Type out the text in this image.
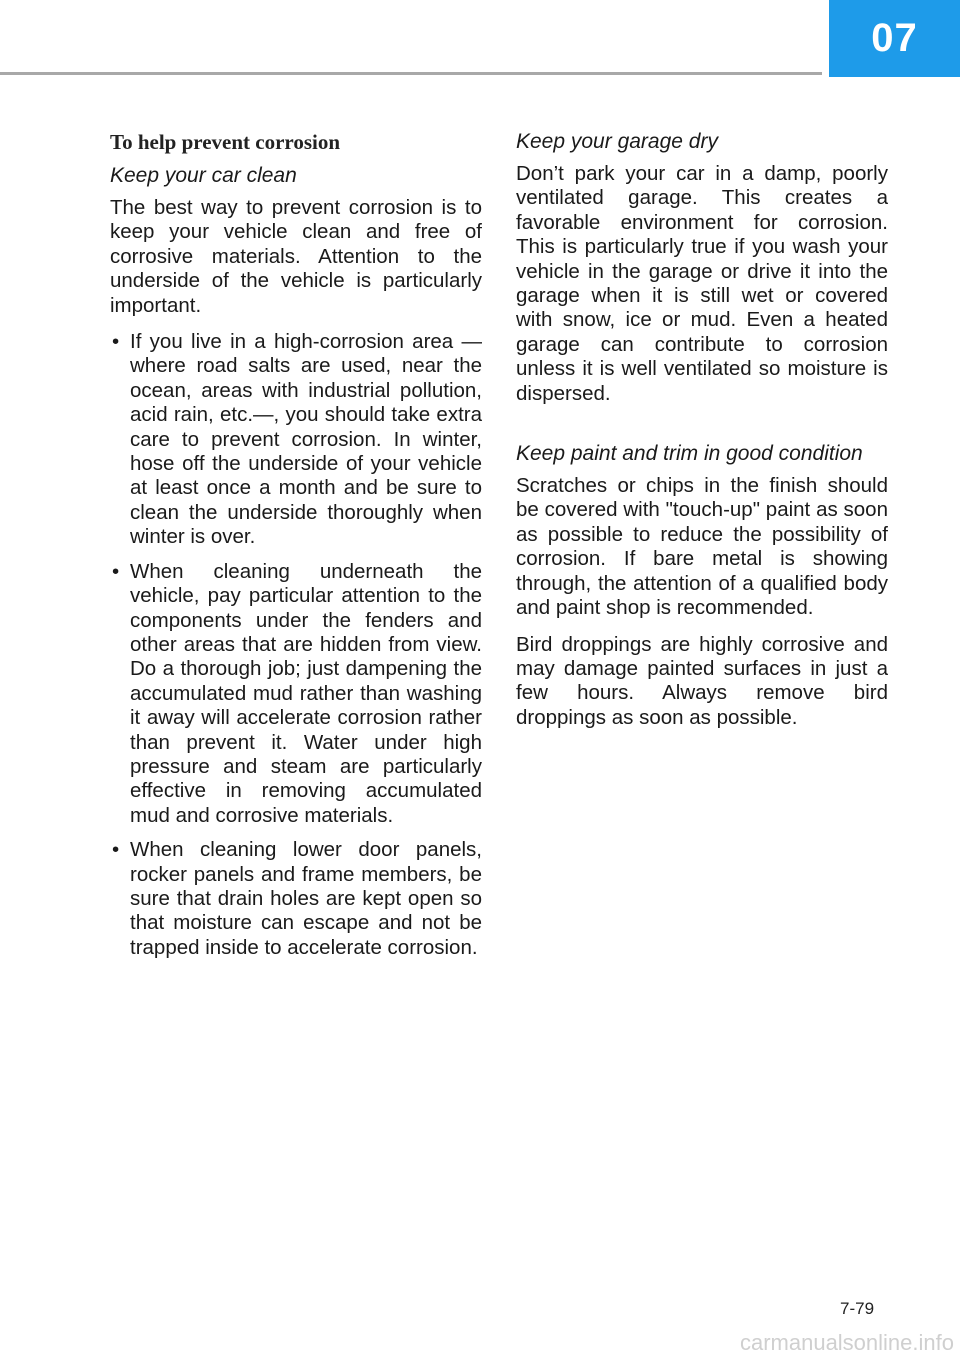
07
To help prevent corrosion
Keep your car clean

The best way to prevent corrosion is to keep your vehicle clean and free of corrosive materials. Attention to the underside of the vehicle is particularly important.

• If you live in a high-corrosion area — where road salts are used, near the ocean, areas with industrial pollution, acid rain, etc.—, you should take extra care to prevent corrosion. In winter, hose off the underside of your vehicle at least once a month and be sure to clean the underside thoroughly when winter is over.
• When cleaning underneath the vehicle, pay particular attention to the components under the fenders and other areas that are hidden from view. Do a thorough job; just dampening the accumulated mud rather than washing it away will accelerate corrosion rather than prevent it. Water under high pressure and steam are particularly effective in removing accumulated mud and corrosive materials.
• When cleaning lower door panels, rocker panels and frame members, be sure that drain holes are kept open so that moisture can escape and not be trapped inside to accelerate corrosion.
Keep your garage dry

Don’t park your car in a damp, poorly ventilated garage. This creates a favorable environment for corrosion. This is particularly true if you wash your vehicle in the garage or drive it into the garage when it is still wet or covered with snow, ice or mud. Even a heated garage can contribute to corrosion unless it is well ventilated so moisture is dispersed.

Keep paint and trim in good condition

Scratches or chips in the finish should be covered with "touch-up" paint as soon as possible to reduce the possibility of corrosion. If bare metal is showing through, the attention of a qualified body and paint shop is recommended.

Bird droppings are highly corrosive and may damage painted surfaces in just a few hours. Always remove bird droppings as soon as possible.

7-79
carmanualsonline.info
